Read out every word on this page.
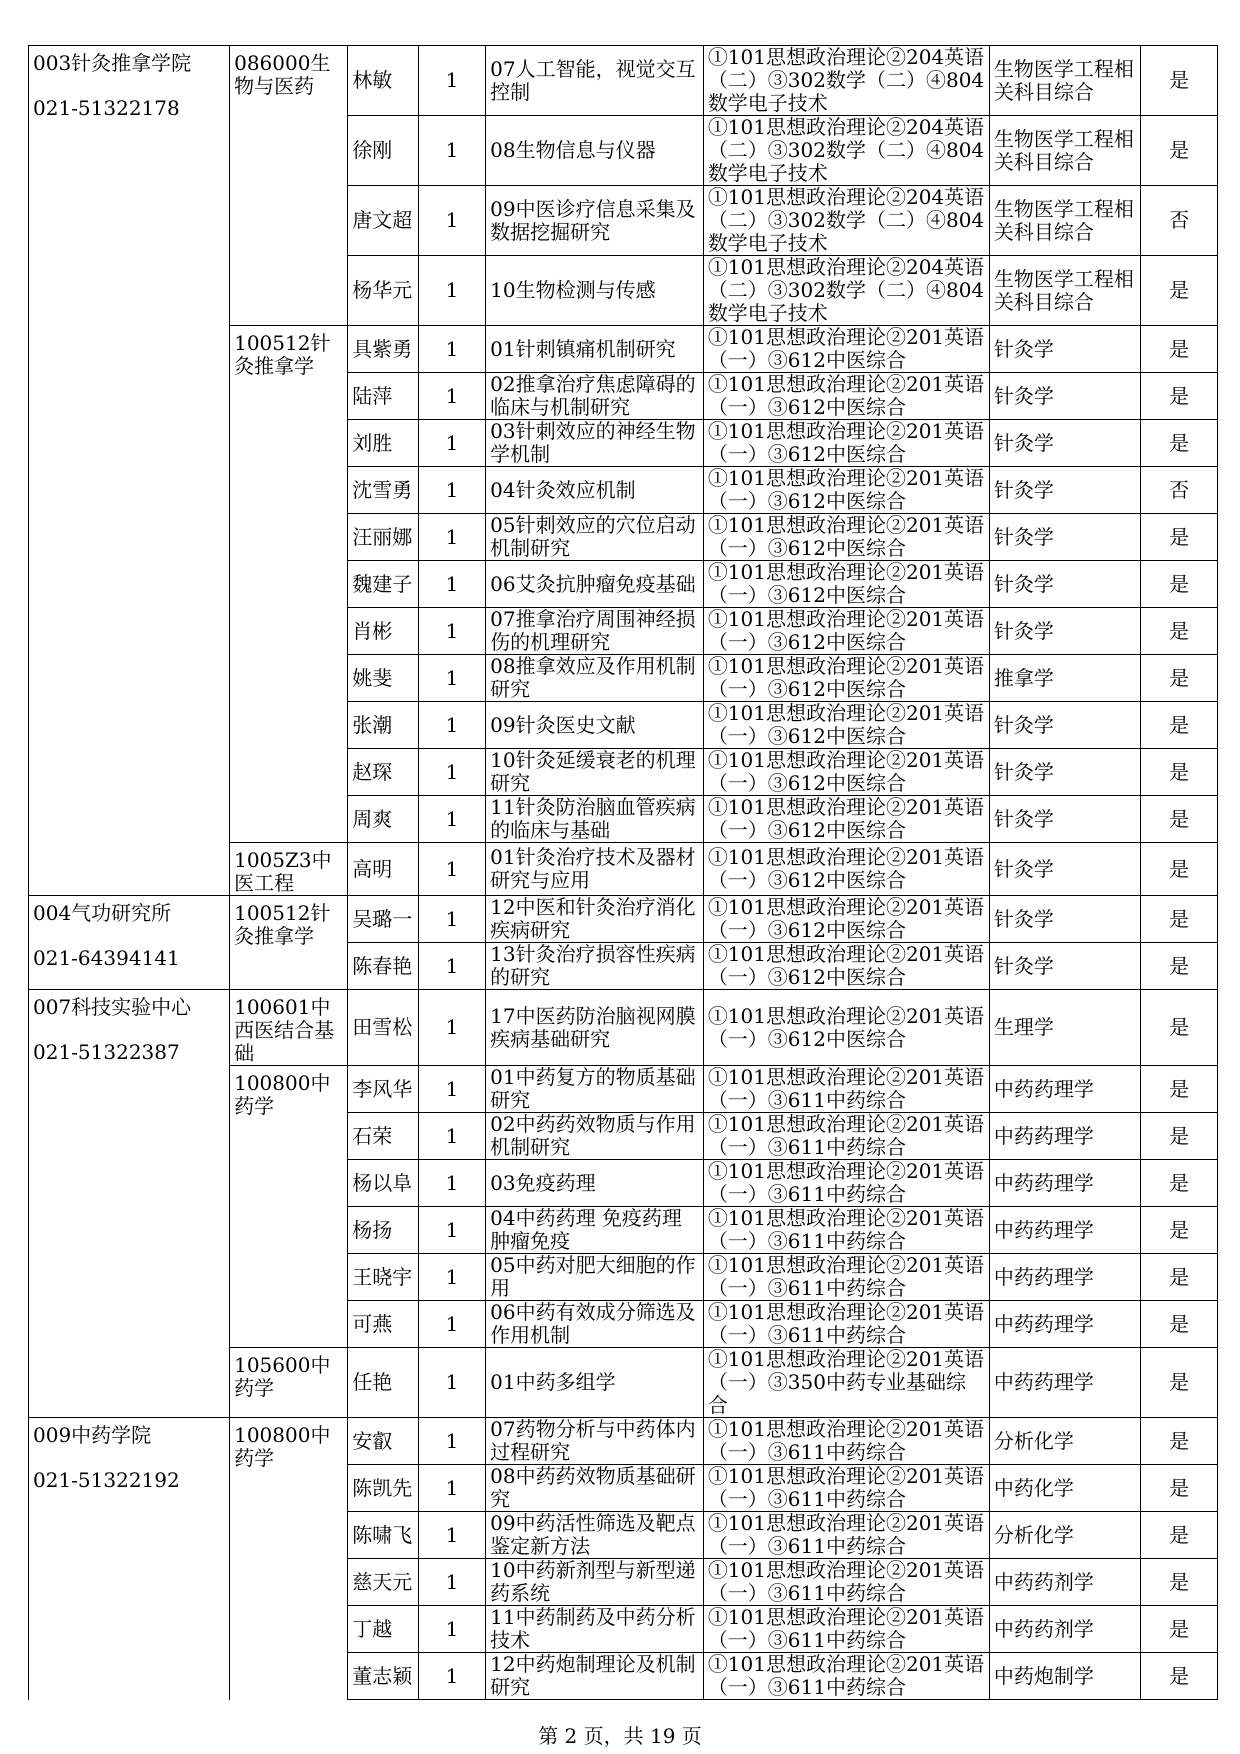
003针灸推拿学院
021-51322178	086000生物与医药	林敏	1	07人工智能，视觉交互控制	①101思想政治理论②204英语（二）③302数学（二）④804数学电子技术	生物医学工程相关科目综合	是
		徐刚	1	08生物信息与仪器	①101思想政治理论②204英语（二）③302数学（二）④804数学电子技术	生物医学工程相关科目综合	是
		唐文超	1	09中医诊疗信息采集及数据挖掘研究	①101思想政治理论②204英语（二）③302数学（二）④804数学电子技术	生物医学工程相关科目综合	否
		杨华元	1	10生物检测与传感	①101思想政治理论②204英语（二）③302数学（二）④804数学电子技术	生物医学工程相关科目综合	是
	100512针灸推拿学	具紫勇	1	01针刺镇痛机制研究	①101思想政治理论②201英语（一）③612中医综合	针灸学	是
		陆萍	1	02推拿治疗焦虑障碍的临床与机制研究	①101思想政治理论②201英语（一）③612中医综合	针灸学	是
		刘胜	1	03针刺效应的神经生物学机制	①101思想政治理论②201英语（一）③612中医综合	针灸学	是
		沈雪勇	1	04针灸效应机制	①101思想政治理论②201英语（一）③612中医综合	针灸学	否
		汪丽娜	1	05针刺效应的穴位启动机制研究	①101思想政治理论②201英语（一）③612中医综合	针灸学	是
		魏建子	1	06艾灸抗肿瘤免疫基础	①101思想政治理论②201英语（一）③612中医综合	针灸学	是
		肖彬	1	07推拿治疗周围神经损伤的机理研究	①101思想政治理论②201英语（一）③612中医综合	针灸学	是
		姚斐	1	08推拿效应及作用机制研究	①101思想政治理论②201英语（一）③612中医综合	推拿学	是
		张潮	1	09针灸医史文献	①101思想政治理论②201英语（一）③612中医综合	针灸学	是
		赵琛	1	10针灸延缓衰老的机理研究	①101思想政治理论②201英语（一）③612中医综合	针灸学	是
		周爽	1	11针灸防治脑血管疾病的临床与基础	①101思想政治理论②201英语（一）③612中医综合	针灸学	是
	1005Z3中医工程	高明	1	01针灸治疗技术及器材研究与应用	①101思想政治理论②201英语（一）③612中医综合	针灸学	是

004气功研究所
021-64394141	100512针灸推拿学	吴璐一	1	12中医和针灸治疗消化疾病研究	①101思想政治理论②201英语（一）③612中医综合	针灸学	是
		陈春艳	1	13针灸治疗损容性疾病的研究	①101思想政治理论②201英语（一）③612中医综合	针灸学	是

007科技实验中心
021-51322387	100601中西医结合基础	田雪松	1	17中医药防治脑视网膜疾病基础研究	①101思想政治理论②201英语（一）③612中医综合	生理学	是
	100800中药学	李风华	1	01中药复方的物质基础研究	①101思想政治理论②201英语（一）③611中药综合	中药药理学	是
		石荣	1	02中药药效物质与作用机制研究	①101思想政治理论②201英语（一）③611中药综合	中药药理学	是
		杨以阜	1	03免疫药理	①101思想政治理论②201英语（一）③611中药综合	中药药理学	是
		杨扬	1	04中药药理 免疫药理肿瘤免疫	①101思想政治理论②201英语（一）③611中药综合	中药药理学	是
		王晓宇	1	05中药对肥大细胞的作用	①101思想政治理论②201英语（一）③611中药综合	中药药理学	是
		可燕	1	06中药有效成分筛选及作用机制	①101思想政治理论②201英语（一）③611中药综合	中药药理学	是
	105600中药学	任艳	1	01中药多组学	①101思想政治理论②201英语（一）③350中药专业基础综合	中药药理学	是

009中药学院
021-51322192	100800中药学	安叡	1	07药物分析与中药体内过程研究	①101思想政治理论②201英语（一）③611中药综合	分析化学	是
		陈凯先	1	08中药药效物质基础研究	①101思想政治理论②201英语（一）③611中药综合	中药化学	是
		陈啸飞	1	09中药活性筛选及靶点鉴定新方法	①101思想政治理论②201英语（一）③611中药综合	分析化学	是
		慈天元	1	10中药新剂型与新型递药系统	①101思想政治理论②201英语（一）③611中药综合	中药药剂学	是
		丁越	1	11中药制药及中药分析技术	①101思想政治理论②201英语（一）③611中药综合	中药药剂学	是
		董志颖	1	12中药炮制理论及机制研究	①101思想政治理论②201英语（一）③611中药综合	中药炮制学	是
第 2 页，共 19 页
